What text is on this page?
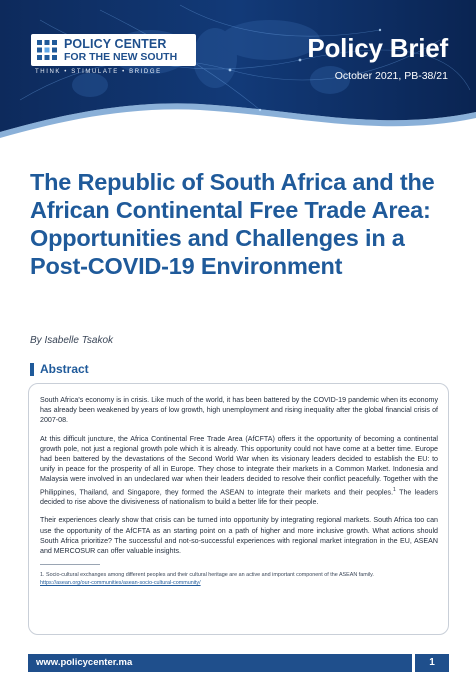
POLICY CENTER
FOR THE NEW SOUTH
THINK • STIMULATE • BRIDGE
Policy Brief
October 2021, PB-38/21
The Republic of South Africa and the African Continental Free Trade Area: Opportunities and Challenges in a Post-COVID-19 Environment
By Isabelle Tsakok
Abstract

South Africa's economy is in crisis. Like much of the world, it has been battered by the COVID-19 pandemic when its economy has already been weakened by years of low growth, high unemployment and rising inequality after the global financial crisis of 2007-08.

At this difficult juncture, the Africa Continental Free Trade Area (AfCFTA) offers it the opportunity of becoming a continental growth pole, not just a regional growth pole which it is already. This opportunity could not have come at a better time. Europe had been battered by the devastations of the Second World War when its visionary leaders decided to establish the EU: to unify in peace for the prosperity of all in Europe. They chose to integrate their markets in a Common Market. Indonesia and Malaysia were involved in an undeclared war when their leaders decided to resolve their conflict peacefully. Together with the Philippines, Thailand, and Singapore, they formed the ASEAN to integrate their markets and their peoples.$^1$ The leaders decided to rise above the divisiveness of nationalism to build a better life for their people.

Their experiences clearly show that crisis can be turned into opportunity by integrating regional markets. South Africa too can use the opportunity of the AfCFTA as an starting point on a path of higher and more inclusive growth. What actions should South Africa prioritize? The successful and not-so-successful experiences with regional market integration in the EU, ASEAN and MERCOSUR can offer valuable insights.

1. Socio-cultural exchanges among different peoples and their cultural heritage are an active and important component of the ASEAN family.
https://asean.org/our-communities/asean-socio-cultural-community/
www.policycenter.ma	1
